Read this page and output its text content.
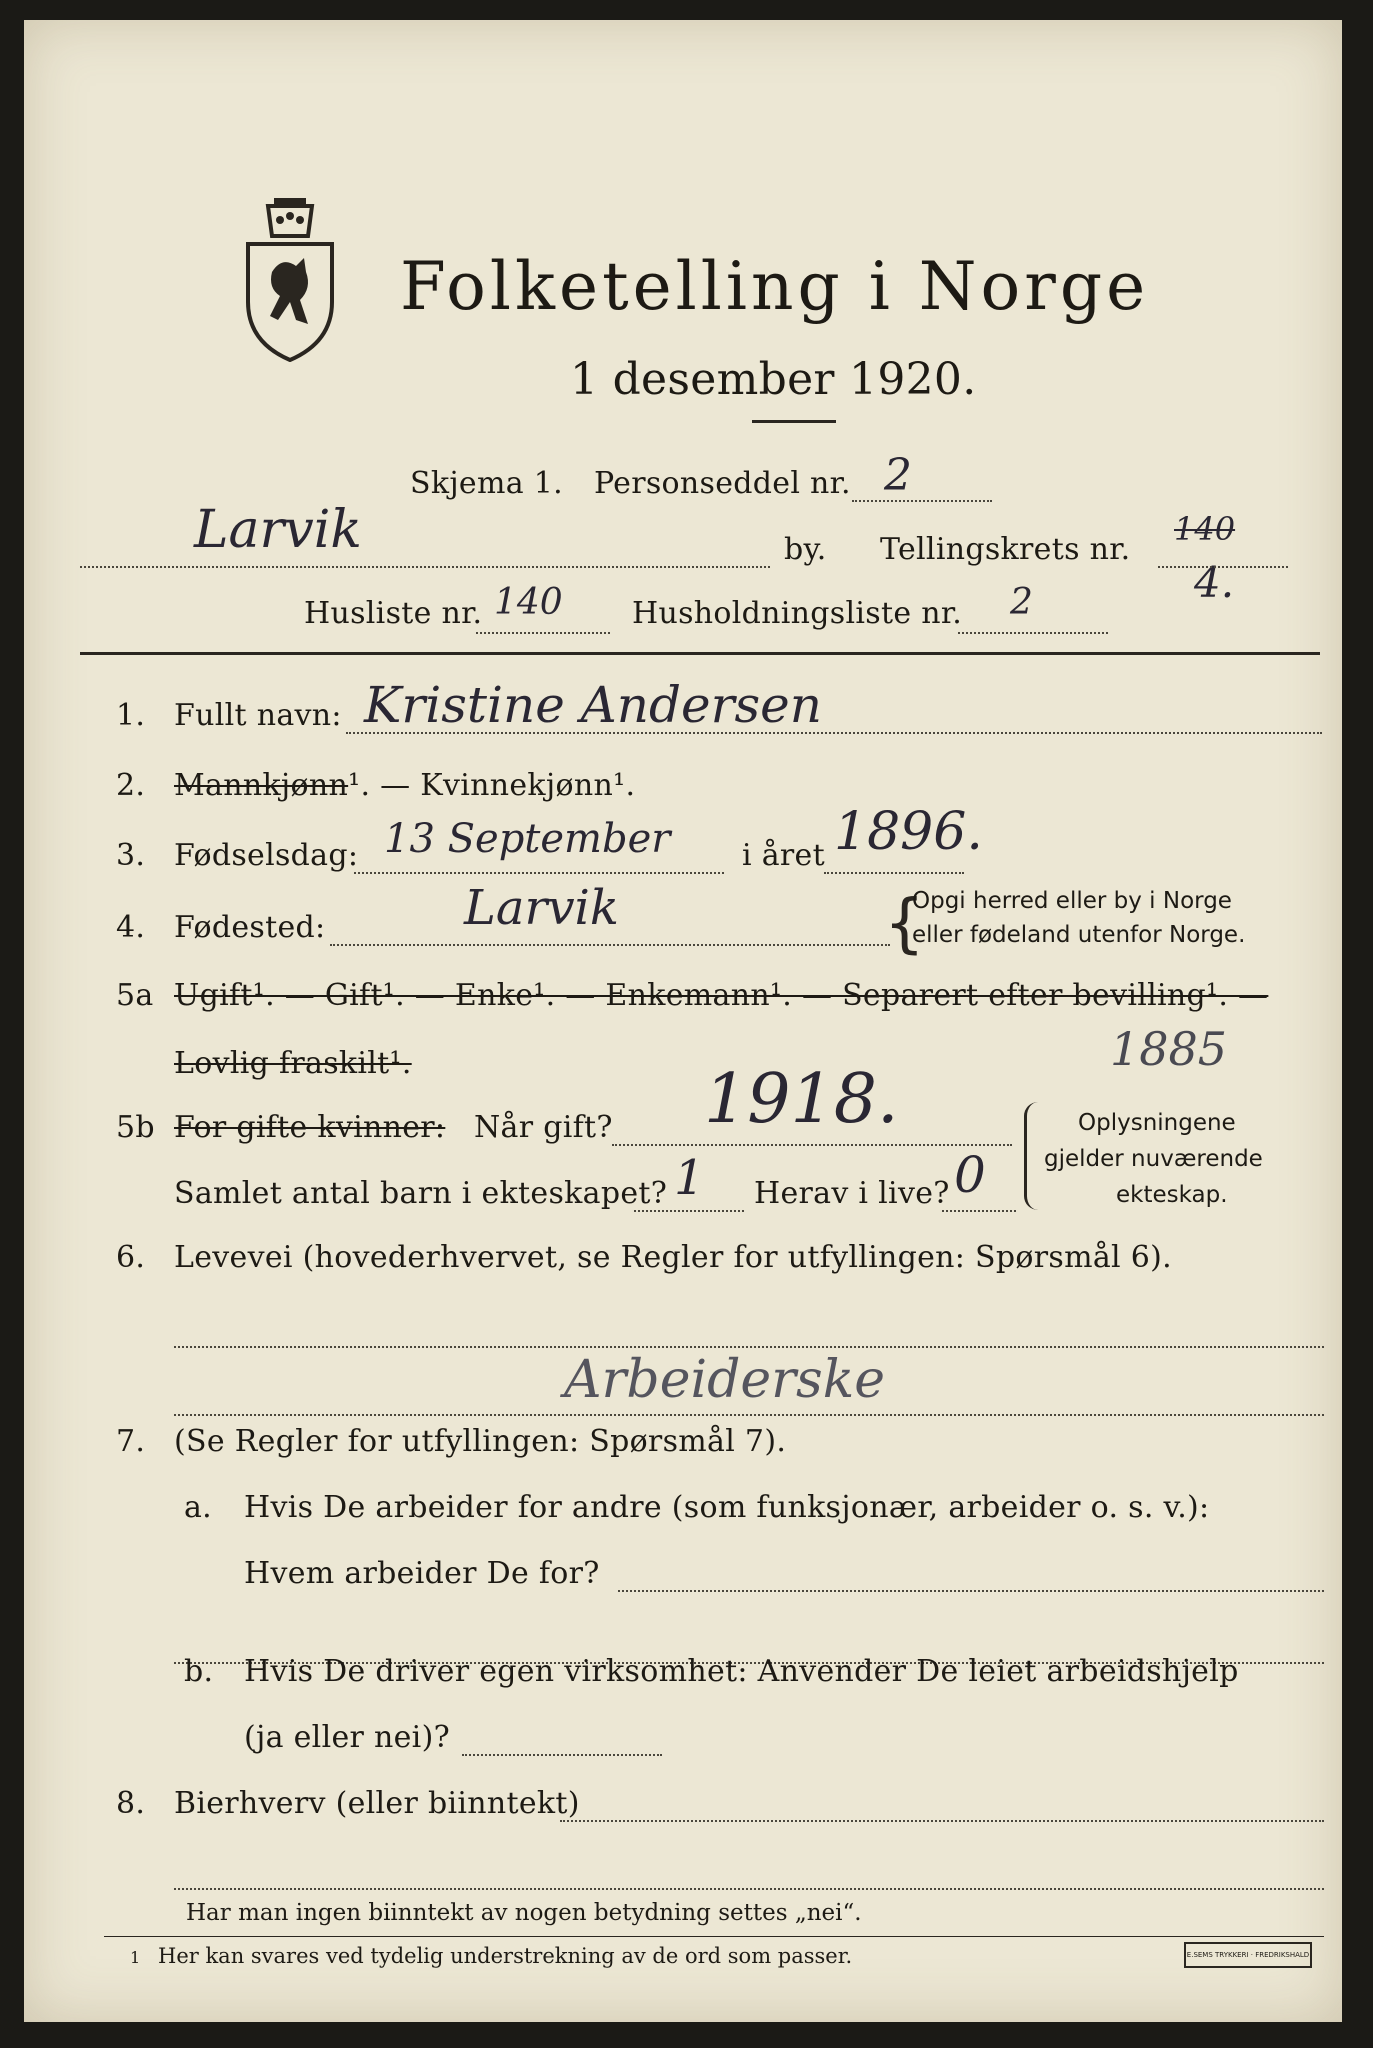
Folketelling i Norge
1 desember 1920.
Larvik
Skjema 1. Personseddel nr. 2
by. Tellingskrets nr.
140
4.
Husliste nr. 140 Husholdningsliste nr. 2
1. Fullt navn: Kristine Andersen
2. Mannkjønn¹. — Kvinnekjønn¹.
3. Fødselsdag: 13 September i året 1896.
4. Fødested:	Larvik	{
Opgi herred eller by i Norge
eller fødeland utenfor Norge.
5a Ugift¹. — Gift¹. — Enke¹. — Enkemann¹. — Separert efter bevilling¹. —
Lovlig fraskilt¹.	1885
5b For gifte kvinner: Når gift? 1918.
Samlet antal barn i ekteskapet? 1 Herav i live? 0
Oplysningene
gjelder nuværende
ekteskap.
6. Levevei (hovederhvervet, se Regler for utfyllingen: Spørsmål 6).
Arbeiderske
7. (Se Regler for utfyllingen: Spørsmål 7).
a. Hvis De arbeider for andre (som funksjonær, arbeider o. s. v.):
Hvem arbeider De for?
b. Hvis De driver egen virksomhet: Anvender De leiet arbeidshjelp
(ja eller nei)?
8. Bierhverv (eller biinntekt)
Har man ingen biinntekt av nogen betydning settes „nei“.
1 Her kan svares ved tydelig understrekning av de ord som passer.	E.SEMS TRYKKERI · FREDRIKSHALD
